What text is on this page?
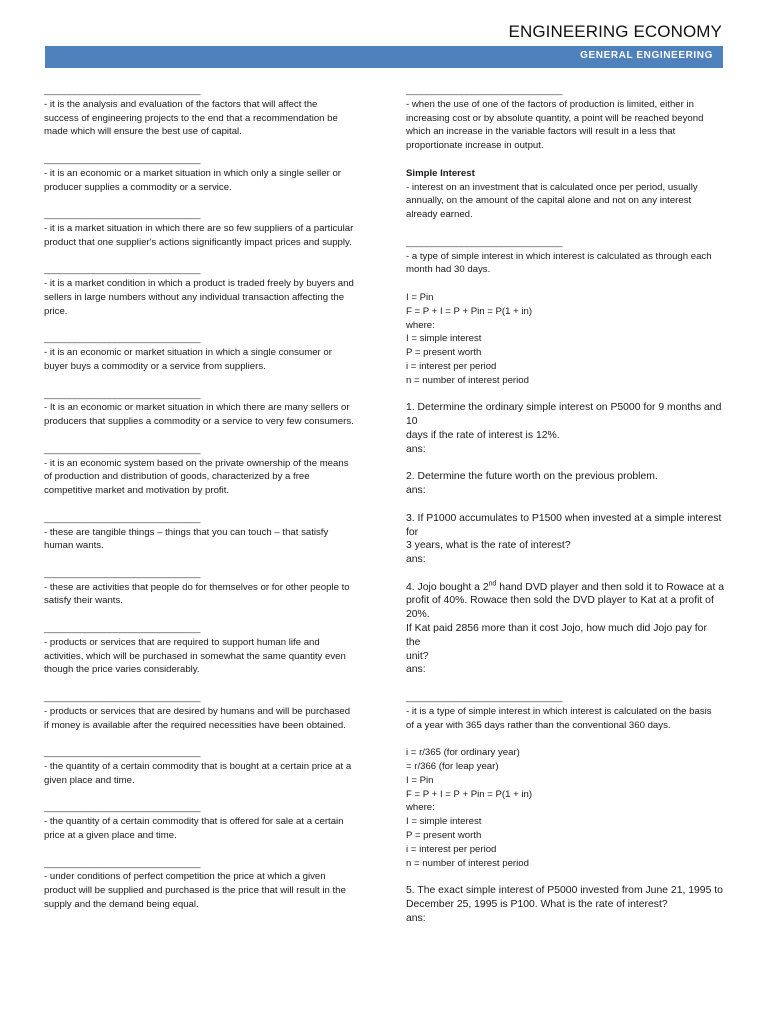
ENGINEERING ECONOMY
GENERAL ENGINEERING
_______________________________
- it is the analysis and evaluation of the factors that will affect the
success of engineering projects to the end that a recommendation be
made which will ensure the best use of capital.
_______________________________
- it is an economic or a market situation in which only a single seller or
producer supplies a commodity or a service.
_______________________________
- it is a market situation in which there are so few suppliers of a particular
product that one supplier's actions significantly impact prices and supply.
_______________________________
- it is a market condition in which a product is traded freely by buyers and
sellers in large numbers without any individual transaction affecting the
price.
_______________________________
- it is an economic or market situation in which a single consumer or
buyer buys a commodity or a service from suppliers.
_______________________________
- It is an economic or market situation in which there are many sellers or
producers that supplies a commodity or a service to very few consumers.
_______________________________
- it is an economic system based on the private ownership of the means
of production and distribution of goods, characterized by a free
competitive market and motivation by profit.
_______________________________
- these are tangible things – things that you can touch – that satisfy
human wants.
_______________________________
- these are activities that people do for themselves or for other people to
satisfy their wants.
_______________________________
- products or services that are required to support human life and
activities, which will be purchased in somewhat the same quantity even
though the price varies considerably.
_______________________________
- products or services that are desired by humans and will be purchased
if money is available after the required necessities have been obtained.
_______________________________
- the quantity of a certain commodity that is bought at a certain price at a
given place and time.
_______________________________
- the quantity of a certain commodity that is offered for sale at a certain
price at a given place and time.
_______________________________
- under conditions of perfect competition the price at which a given
product will be supplied and purchased is the price that will result in the
supply and the demand being equal.
_______________________________
- when the use of one of the factors of production is limited, either in
increasing cost or by absolute quantity, a point will be reached beyond
which an increase in the variable factors will result in a less that
proportionate increase in output.
Simple Interest
- interest on an investment that is calculated once per period, usually
annually, on the amount of the capital alone and not on any interest
already earned.
_______________________________
- a type of simple interest in which interest is calculated as through each
month had 30 days.
I = Pin
F = P + I = P + Pin = P(1 + in)
where:
I = simple interest
P = present worth
i = interest per period
n = number of interest period
1. Determine the ordinary simple interest on P5000 for 9 months and 10
days if the rate of interest is 12%.
ans:
2. Determine the future worth on the previous problem.
ans:
3. If P1000 accumulates to P1500 when invested at a simple interest for
3 years, what is the rate of interest?
ans:
4. Jojo bought a 2nd hand DVD player and then sold it to Rowace at a
profit of 40%. Rowace then sold the DVD player to Kat at a profit of 20%.
If Kat paid 2856 more than it cost Jojo, how much did Jojo pay for the
unit?
ans:
_______________________________
- it is a type of simple interest in which interest is calculated on the basis
of a year with 365 days rather than the conventional 360 days.
i = r/365 (for ordinary year)
= r/366 (for leap year)
I = Pin
F = P + I = P + Pin = P(1 + in)
where:
I = simple interest
P = present worth
i = interest per period
n = number of interest period
5. The exact simple interest of P5000 invested from June 21, 1995 to
December 25, 1995 is P100. What is the rate of interest?
ans:
